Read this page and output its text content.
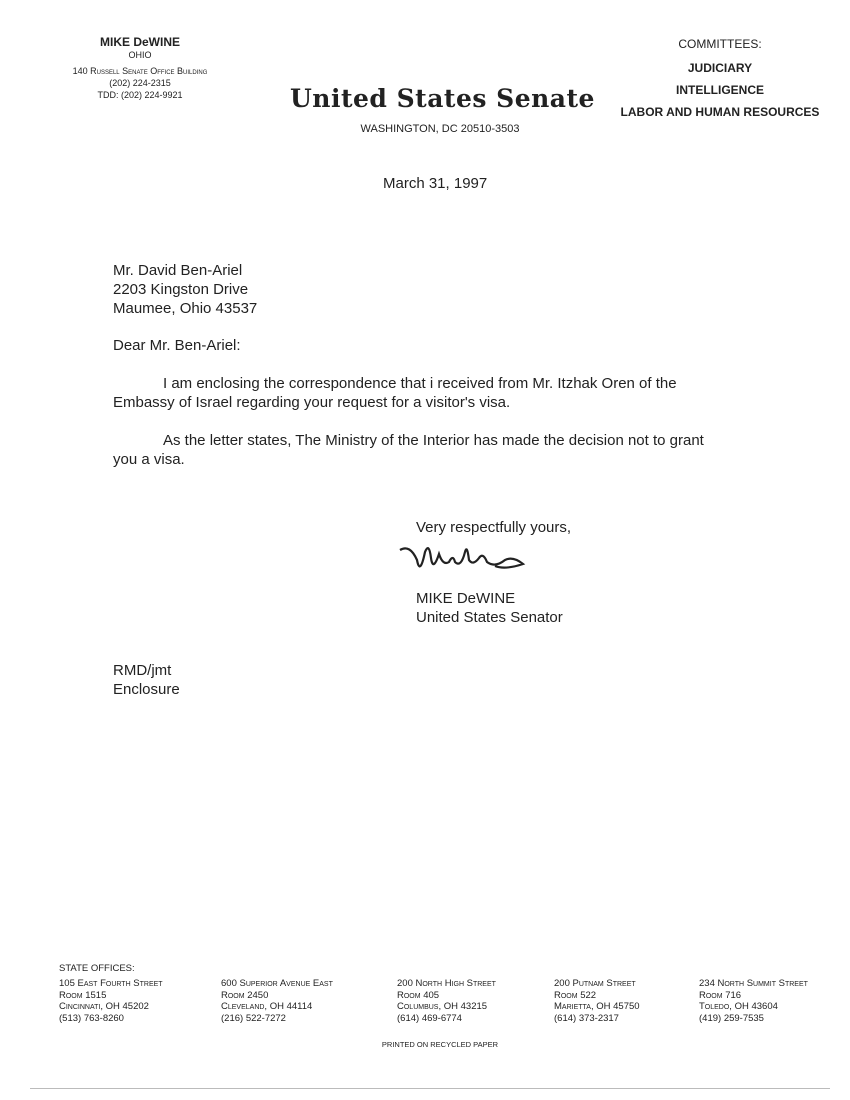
MIKE DeWINE
OHIO
140 Russell Senate Office Building
(202) 224-2315
TDD: (202) 224-9921	United States Senate
WASHINGTON, DC 20510-3503
COMMITTEES:
JUDICIARY
INTELLIGENCE
LABOR AND HUMAN RESOURCES
March 31, 1997
Mr. David Ben-Ariel
2203 Kingston Drive
Maumee, Ohio 43537
Dear Mr. Ben-Ariel:
I am enclosing the correspondence that i received from Mr. Itzhak Oren of the
Embassy of Israel regarding your request for a visitor's visa.
As the letter states, The Ministry of the Interior has made the decision not to grant
you a visa.
Very respectfully yours,
MIKE DeWINE
United States Senator
RMD/jmt
Enclosure
STATE OFFICES:
105 East Fourth Street
Room 1515
Cincinnati, OH 45202
(513) 763-8260
600 Superior Avenue East
Room 2450
Cleveland, OH 44114
(216) 522-7272
200 North High Street
Room 405
Columbus, OH 43215
(614) 469-6774
200 Putnam Street
Room 522
Marietta, OH 45750
(614) 373-2317
234 North Summit Street
Room 716
Toledo, OH 43604
(419) 259-7535
PRINTED ON RECYCLED PAPER
